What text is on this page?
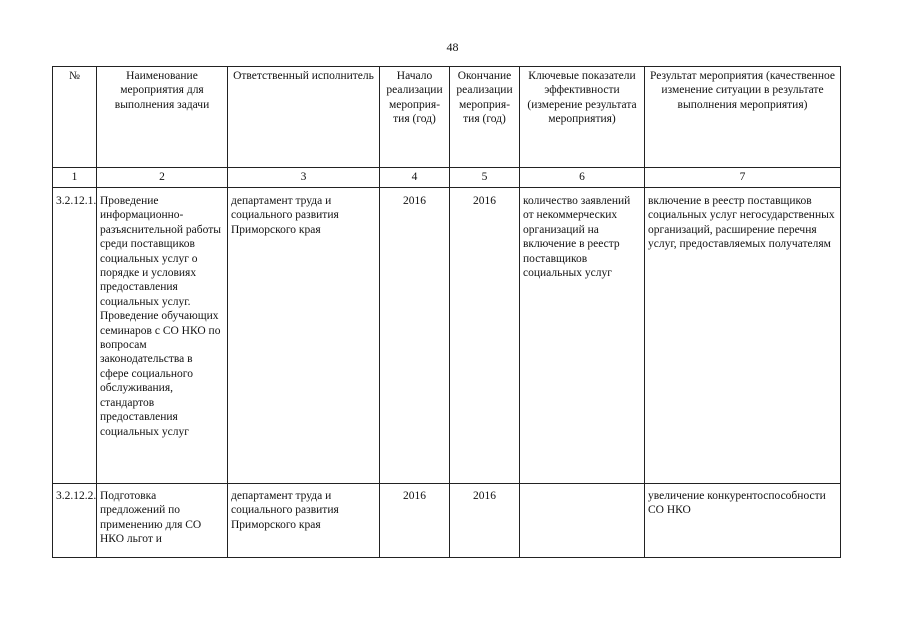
48
№	Наименование мероприятия для выполнения задачи	Ответственный исполнитель	Начало реализации мероприя-тия (год)	Окончание реализации мероприя-тия (год)	Ключевые показатели эффективности (измерение результата мероприятия)	Результат мероприятия (качественное изменение ситуации в результате выполнения мероприятия)
1	2	3	4	5	6	7
3.2.12.1.	Проведение информационно-разъяснительной работы среди поставщиков социальных услуг о порядке и условиях предоставления социальных услуг. Проведение обучающих семинаров с СО НКО по вопросам законодательства в сфере социального обслуживания, стандартов предоставления социальных услуг	департамент труда и социального развития Приморского края	2016	2016	количество заявлений от некоммерческих организаций на включение в реестр поставщиков социальных услуг	включение в реестр поставщиков социальных услуг негосударственных организаций, расширение перечня услуг, предоставляемых получателям
3.2.12.2.	Подготовка предложений по применению для СО НКО льгот и	департамент труда и социального развития Приморского края	2016	2016		увеличение конкурентоспособности СО НКО
